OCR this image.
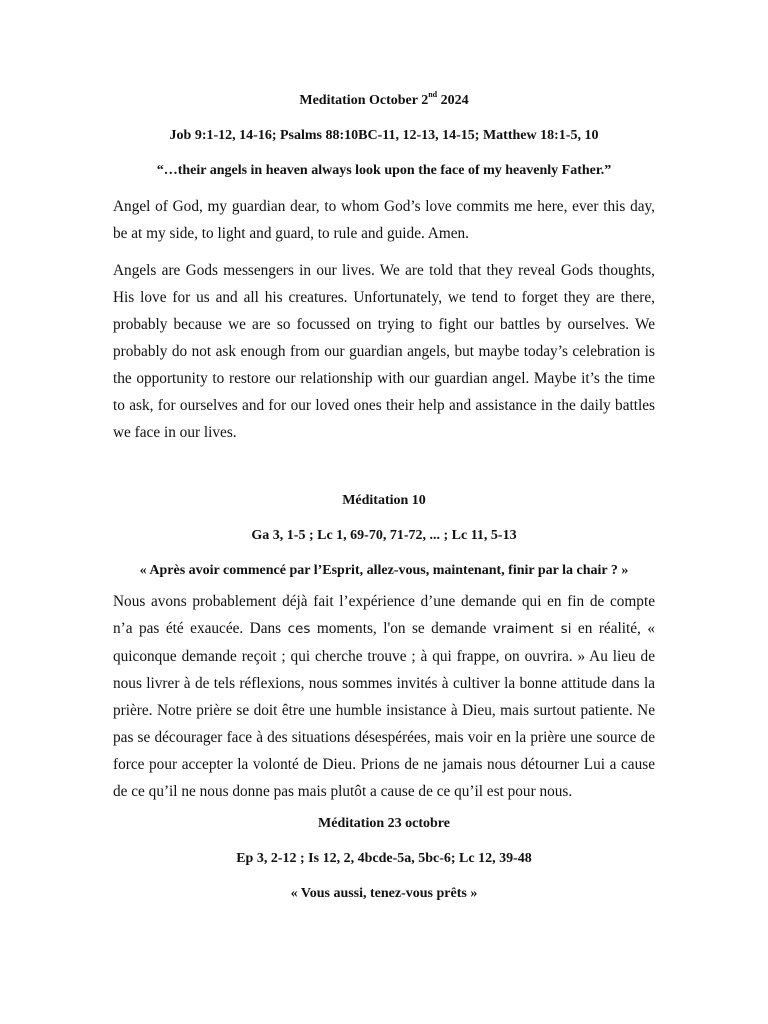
Meditation October 2nd 2024

Job 9:1-12, 14-16; Psalms 88:10BC-11, 12-13, 14-15; Matthew 18:1-5, 10

“…their angels in heaven always look upon the face of my heavenly Father.”

Angel of God, my guardian dear, to whom God’s love commits me here, ever this day, be at my side, to light and guard, to rule and guide. Amen.

Angels are Gods messengers in our lives. We are told that they reveal Gods thoughts, His love for us and all his creatures. Unfortunately, we tend to forget they are there, probably because we are so focussed on trying to fight our battles by ourselves. We probably do not ask enough from our guardian angels, but maybe today’s celebration is the opportunity to restore our relationship with our guardian angel. Maybe it’s the time to ask, for ourselves and for our loved ones their help and assistance in the daily battles we face in our lives.

Méditation 10

Ga 3, 1-5 ; Lc 1, 69-70, 71-72, ... ; Lc 11, 5-13

« Après avoir commencé par l’Esprit, allez-vous, maintenant, finir par la chair ? »

Nous avons probablement déjà fait l’expérience d’une demande qui en fin de compte n’a pas été exaucée. Dans ces moments, l'on se demande vraiment si en réalité, « quiconque demande reçoit ; qui cherche trouve ; à qui frappe, on ouvrira. » Au lieu de nous livrer à de tels réflexions, nous sommes invités à cultiver la bonne attitude dans la prière. Notre prière se doit être une humble insistance à Dieu, mais surtout patiente. Ne pas se décourager face à des situations désespérées, mais voir en la prière une source de force pour accepter la volonté de Dieu. Prions de ne jamais nous détourner Lui a cause de ce qu’il ne nous donne pas mais plutôt a cause de ce qu’il est pour nous.

Méditation 23 octobre

Ep 3, 2-12 ; Is 12, 2, 4bcde-5a, 5bc-6; Lc 12, 39-48

« Vous aussi, tenez-vous prêts »
